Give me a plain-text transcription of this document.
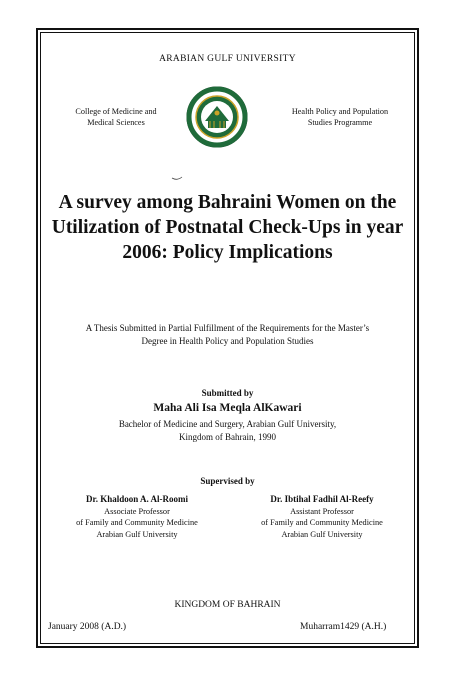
ARABIAN GULF UNIVERSITY
College of Medicine and
Medical Sciences
Health Policy and Population
Studies Programme
A survey among Bahraini Women on the
Utilization of Postnatal Check-Ups in year
2006: Policy Implications
A Thesis Submitted in Partial Fulfillment of the Requirements for the Master’s
Degree in Health Policy and Population Studies
Submitted by
Maha Ali Isa Meqla AlKawari
Bachelor of Medicine and Surgery, Arabian Gulf University,
Kingdom of Bahrain, 1990
Supervised by
Dr. Khaldoon A. Al-Roomi
Associate Professor
of Family and Community Medicine
Arabian Gulf University
Dr. Ibtihal Fadhil Al-Reefy
Assistant Professor
of Family and Community Medicine
Arabian Gulf University
KINGDOM OF BAHRAIN
January 2008 (A.D.)	Muharram1429 (A.H.)
